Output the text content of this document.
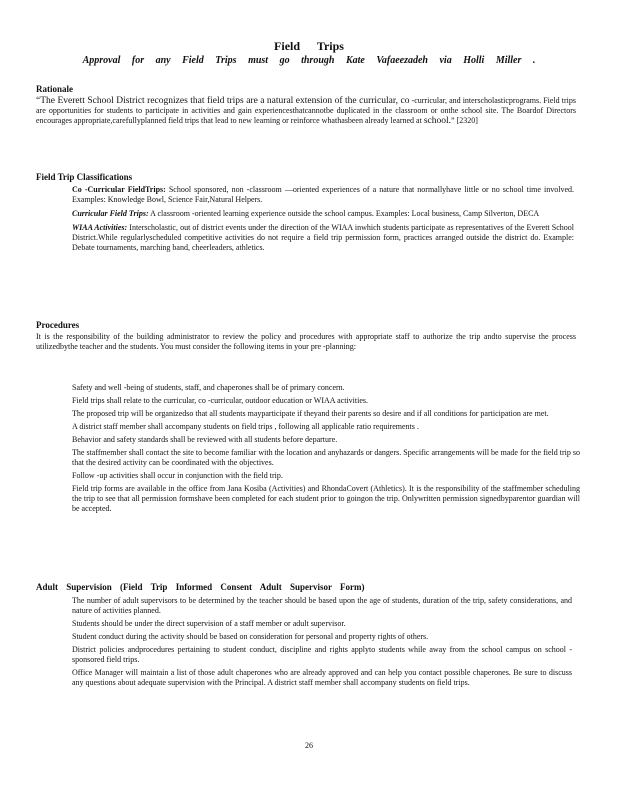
Field Trips
Approval for any Field Trips must go through Kate Vafaeezadeh via Holli Miller .
Rationale
“The Everett School District recognizes that field trips are a natural extension of the curricular, co -curricular, and interscholasticprograms. Field trips are opportunities for students to participate in activities and gain experiencesthatcannotbe duplicated in the classroom or onthe school site. The Boardof Directors encourages appropriate,carefullyplanned field trips that lead to new learning or reinforce whathasbeen already learned at school.” [2320]
Field Trip Classifications
Co -Curricular FieldTrips: School sponsored, non -classroom —oriented experiences of a nature that normallyhave little or no school time involved. Examples: Knowledge Bowl, Science Fair,Natural Helpers.
Curricular Field Trips: A classroom -oriented learning experience outside the school campus. Examples: Local business, Camp Silverton, DECA
WIAA Activities: Interscholastic, out of district events under the direction of the WIAA inwhich students participate as representatives of the Everett School District.While regularlyscheduled competitive activities do not require a field trip permission form, practices arranged outside the district do. Example: Debate tournaments, marching band, cheerleaders, athletics.
Procedures
It is the responsibility of the building administrator to review the policy and procedures with appropriate staff to authorize the trip andto supervise the process utilizedbythe teacher and the students. You must consider the following items in your pre -planning:
Safety and well -being of students, staff, and chaperones shall be of primary concern.
Field trips shall relate to the curricular, co -curricular, outdoor education or WIAA activities.
The proposed trip will be organizedso that all students mayparticipate if theyand their parents so desire and if all conditions for participation are met.
A district staff member shall accompany students on field trips , following all applicable ratio requirements .
Behavior and safety standards shall be reviewed with all students before departure.
The staffmember shall contact the site to become familiar with the location and anyhazards or dangers. Specific arrangements will be made for the field trip so that the desired activity can be coordinated with the objectives.
Follow -up activities shall occur in conjunction with the field trip.
Field trip forms are available in the office from Jana Kosiba (Activities) and RhondaCovert (Athletics). It is the responsibility of the staffmember scheduling the trip to see that all permission formshave been completed for each student prior to goingon the trip. Onlywritten permission signedbyparentor guardian will be accepted.
Adult Supervision (Field Trip Informed Consent Adult Supervisor Form)
The number of adult supervisors to be determined by the teacher should be based upon the age of students, duration of the trip, safety considerations, and nature of activities planned.
Students should be under the direct supervision of a staff member or adult supervisor.
Student conduct during the activity should be based on consideration for personal and property rights of others.
District policies andprocedures pertaining to student conduct, discipline and rights applyto students while away from the school campus on school -sponsored field trips.
Office Manager will maintain a list of those adult chaperones who are already approved and can help you contact possible chaperones. Be sure to discuss any questions about adequate supervision with the Principal. A district staff member shall accompany students on field trips.
26
